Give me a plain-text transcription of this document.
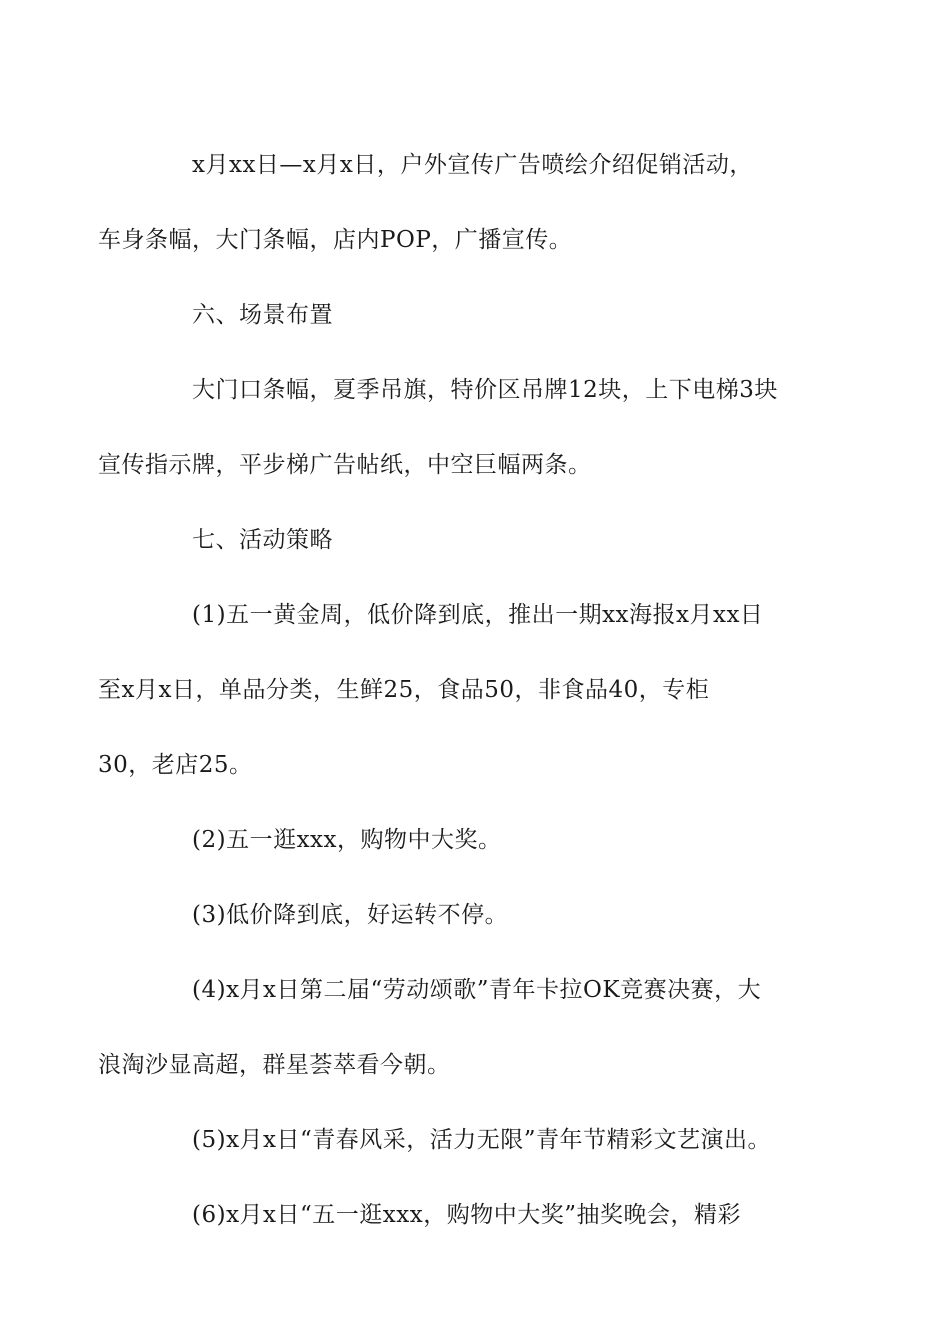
x月xx日—x月x日，户外宣传广告喷绘介绍促销活动，
车身条幅，大门条幅，店内POP，广播宣传。

六、场景布置

大门口条幅，夏季吊旗，特价区吊牌12块，上下电梯3块
宣传指示牌，平步梯广告帖纸，中空巨幅两条。

七、活动策略

(1)五一黄金周，低价降到底，推出一期xx海报x月xx日
至x月x日，单品分类，生鲜25，食品50，非食品40，专柜
30，老店25。

(2)五一逛xxx，购物中大奖。

(3)低价降到底，好运转不停。

(4)x月x日第二届“劳动颂歌”青年卡拉OK竞赛决赛，大
浪淘沙显高超，群星荟萃看今朝。

(5)x月x日“青春风采，活力无限”青年节精彩文艺演出。

(6)x月x日“五一逛xxx，购物中大奖”抽奖晚会，精彩
